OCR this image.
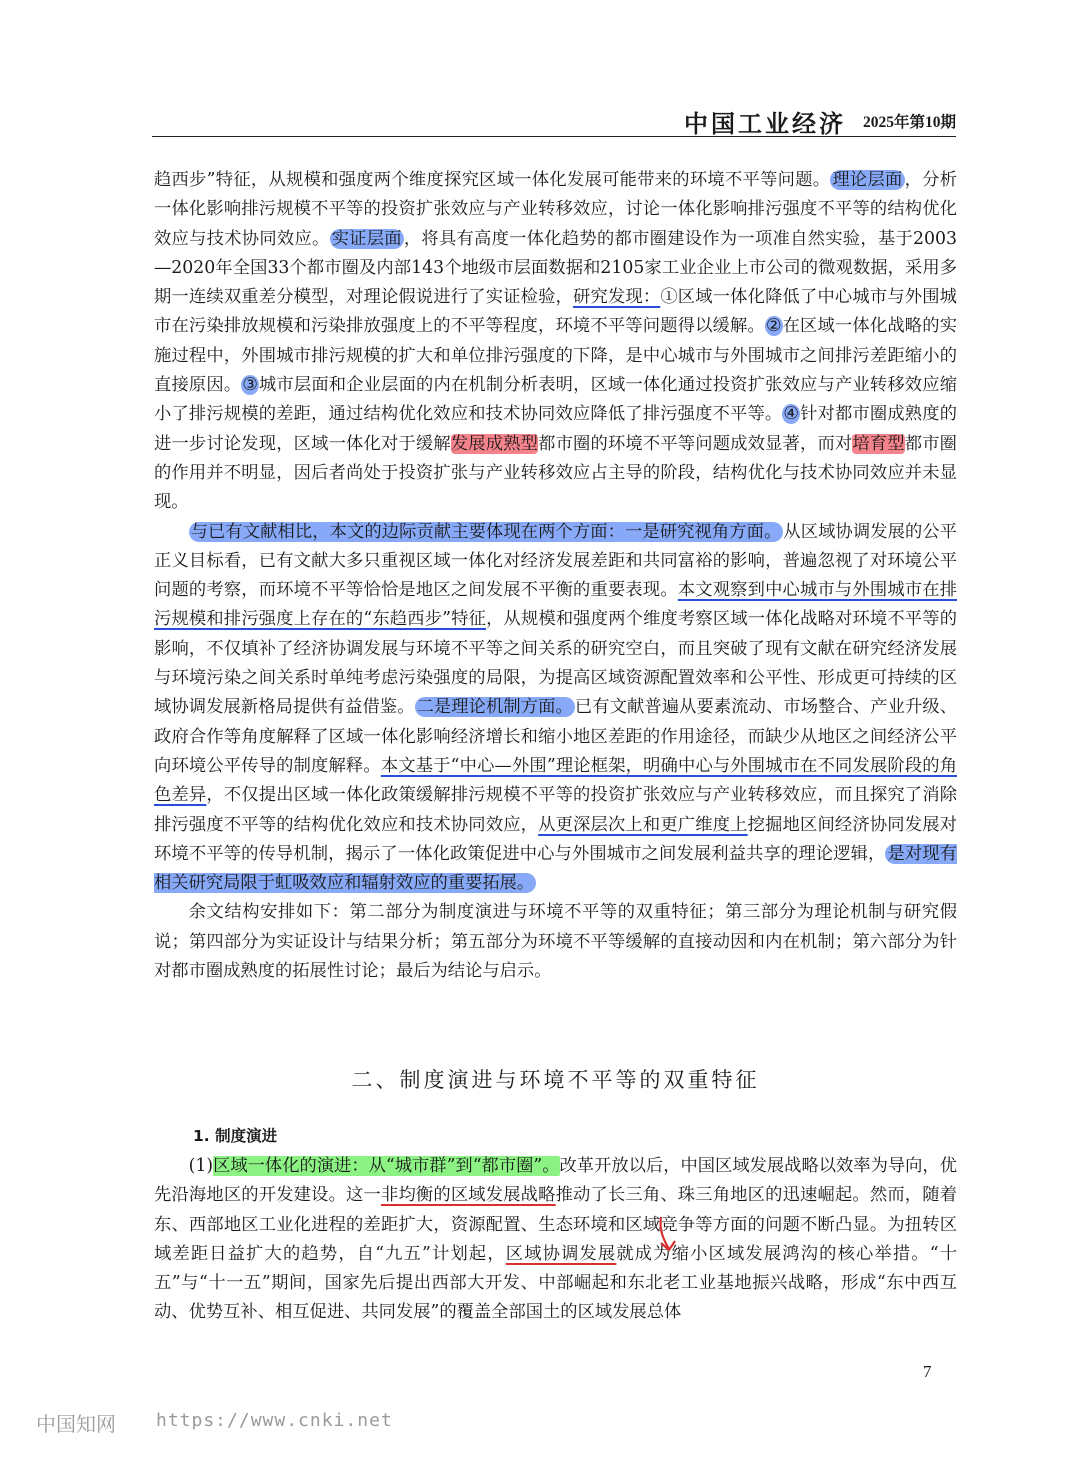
中国工业经济 2025年第10期

趋西步”特征，从规模和强度两个维度探究区域一体化发展可能带来的环境不平等问题。 理论层面 ，分析一体化影响排污规模不平等的投资扩张效应与产业转移效应，讨论一体化影响排污强度不平等的结构优化效应与技术协同效应。 实证层面 ，将具有高度一体化趋势的都市圈建设作为一项准自然实验，基于2003—2020年全国33个都市圈及内部143个地级市层面数据和2105家工业企业上市公司的微观数据，采用多期一连续双重差分模型，对理论假说进行了实证检验，研究发现：①区域一体化降低了中心城市与外围城市在污染排放规模和污染排放强度上的不平等程度，环境不平等问题得以缓解。②在区域一体化战略的实施过程中，外围城市排污规模的扩大和单位排污强度的下降，是中心城市与外围城市之间排污差距缩小的直接原因。③城市层面和企业层面的内在机制分析表明，区域一体化通过投资扩张效应与产业转移效应缩小了排污规模的差距，通过结构优化效应和技术协同效应降低了排污强度不平等。④针对都市圈成熟度的进一步讨论发现，区域一体化对于缓解发展成熟型都市圈的环境不平等问题成效显著，而对培育型都市圈的作用并不明显，因后者尚处于投资扩张与产业转移效应占主导的阶段，结构优化与技术协同效应并未显现。

与已有文献相比，本文的边际贡献主要体现在两个方面：一是研究视角方面。 从区域协调发展的公平正义目标看，已有文献大多只重视区域一体化对经济发展差距和共同富裕的影响，普遍忽视了对环境公平问题的考察，而环境不平等恰恰是地区之间发展不平衡的重要表现。本文观察到中心城市与外围城市在排污规模和排污强度上存在的“东趋西步”特征，从规模和强度两个维度考察区域一体化战略对环境不平等的影响，不仅填补了经济协调发展与环境不平等之间关系的研究空白，而且突破了现有文献在研究经济发展与环境污染之间关系时单纯考虑污染强度的局限，为提高区域资源配置效率和公平性、形成更可持续的区域协调发展新格局提供有益借鉴。 二是理论机制方面。 已有文献普遍从要素流动、市场整合、产业升级、政府合作等角度解释了区域一体化影响经济增长和缩小地区差距的作用途径，而缺少从地区之间经济公平向环境公平传导的制度解释。本文基于“中心—外围”理论框架，明确中心与外围城市在不同发展阶段的角色差异，不仅提出区域一体化政策缓解排污规模不平等的投资扩张效应与产业转移效应，而且探究了消除排污强度不平等的结构优化效应和技术协同效应，从更深层次上和更广维度上挖掘地区间经济协同发展对环境不平等的传导机制，揭示了一体化政策促进中心与外围城市之间发展利益共享的理论逻辑， 是对现有相关研究局限于虹吸效应和辐射效应的重要拓展。

余文结构安排如下：第二部分为制度演进与环境不平等的双重特征；第三部分为理论机制与研究假说；第四部分为实证设计与结果分析；第五部分为环境不平等缓解的直接动因和内在机制；第六部分为针对都市圈成熟度的拓展性讨论；最后为结论与启示。

二、制度演进与环境不平等的双重特征
1. 制度演进

(1)区域一体化的演进：从“城市群”到“都市圈”。改革开放以后，中国区域发展战略以效率为导向，优先沿海地区的开发建设。这一非均衡的区域发展战略推动了长三角、珠三角地区的迅速崛起。然而，随着东、西部地区工业化进程的差距扩大，资源配置、生态环境和区域竞争等方面的问题不断凸显。为扭转区域差距日益扩大的趋势，自“九五”计划起，区域协调发展就成为缩小区域发展鸿沟的核心举措。“十五”与“十一五”期间，国家先后提出西部大开发、中部崛起和东北老工业基地振兴战略，形成“东中西互动、优势互补、相互促进、共同发展”的覆盖全部国土的区域发展总体

7
中国知网 https://www.cnki.net
